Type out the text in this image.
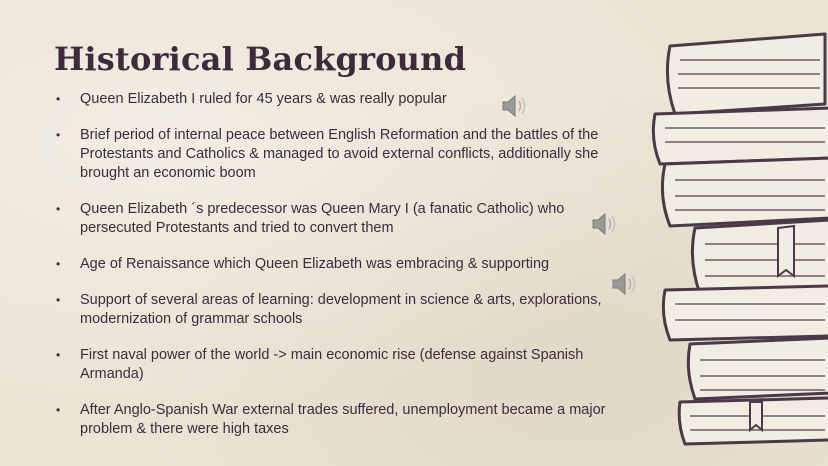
Historical Background
• Queen Elizabeth I ruled for 45 years & was really popular
• Brief period of internal peace between English Reformation and the battles of the Protestants and Catholics & managed to avoid external conflicts, additionally she brought an economic boom
• Queen Elizabeth ´s predecessor was Queen Mary I (a fanatic Catholic) who persecuted Protestants and tried to convert them
• Age of Renaissance which Queen Elizabeth was embracing & supporting
• Support of several areas of learning: development in science & arts, explorations, modernization of grammar schools
• First naval power of the world -> main economic rise (defense against Spanish Armanda)
• After Anglo-Spanish War external trades suffered, unemployment became a major problem & there were high taxes
